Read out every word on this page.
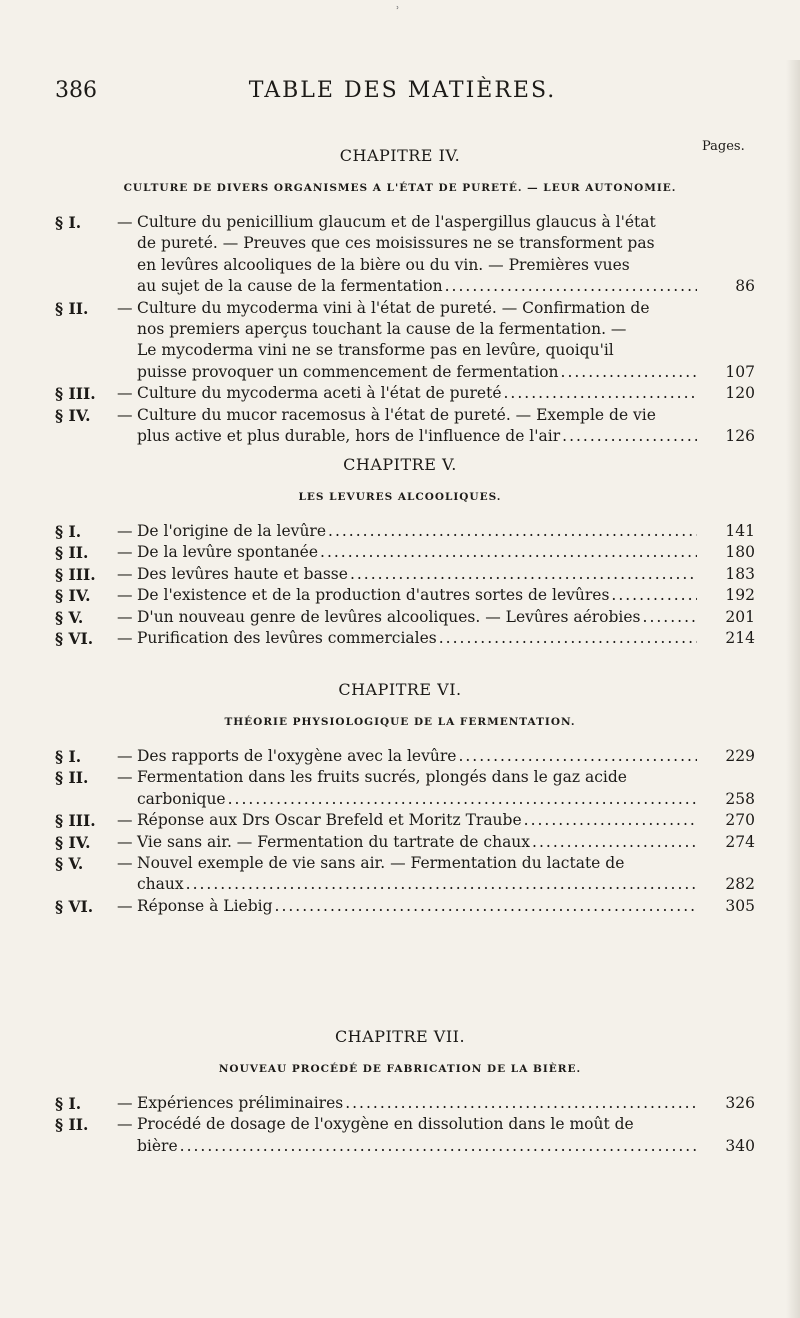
ʾ
386	TABLE DES MATIÈRES.
Pages.
CHAPITRE IV.
CULTURE DE DIVERS ORGANISMES A L'ÉTAT DE PURETÉ. — LEUR AUTONOMIE.
§ I. — Culture du penicillium glaucum et de l'aspergillus glaucus à l'état
de pureté. — Preuves que ces moisissures ne se transforment pas
en levûres alcooliques de la bière ou du vin. — Premières vues
au sujet de la cause de la fermentation .....	86
§ II. — Culture du mycoderma vini à l'état de pureté. — Confirmation de
nos premiers aperçus touchant la cause de la fermentation. —
Le mycoderma vini ne se transforme pas en levûre, quoiqu'il
puisse provoquer un commencement de fermentation .....	107
§ III. — Culture du mycoderma aceti à l'état de pureté .....	120
§ IV. — Culture du mucor racemosus à l'état de pureté. — Exemple de vie
plus active et plus durable, hors de l'influence de l'air .....	126
CHAPITRE V.
LES LEVURES ALCOOLIQUES.
§ I. — De l'origine de la levûre .....	141
§ II. — De la levûre spontanée .....	180
§ III. — Des levûres haute et basse .....	183
§ IV. — De l'existence et de la production d'autres sortes de levûres .....	192
§ V. — D'un nouveau genre de levûres alcooliques. — Levûres aérobies .....	201
§ VI. — Purification des levûres commerciales .....	214
CHAPITRE VI.
THÉORIE PHYSIOLOGIQUE DE LA FERMENTATION.
§ I. — Des rapports de l'oxygène avec la levûre .....	229
§ II. — Fermentation dans les fruits sucrés, plongés dans le gaz acide
carbonique .....	258
§ III. — Réponse aux Drs Oscar Brefeld et Moritz Traube .....	270
§ IV. — Vie sans air. — Fermentation du tartrate de chaux .....	274
§ V. — Nouvel exemple de vie sans air. — Fermentation du lactate de
chaux .....	282
§ VI. — Réponse à Liebig .....	305
CHAPITRE VII.
NOUVEAU PROCÉDÉ DE FABRICATION DE LA BIÈRE.
§ I. — Expériences préliminaires .....	326
§ II. — Procédé de dosage de l'oxygène en dissolution dans le moût de
bière .....	340
